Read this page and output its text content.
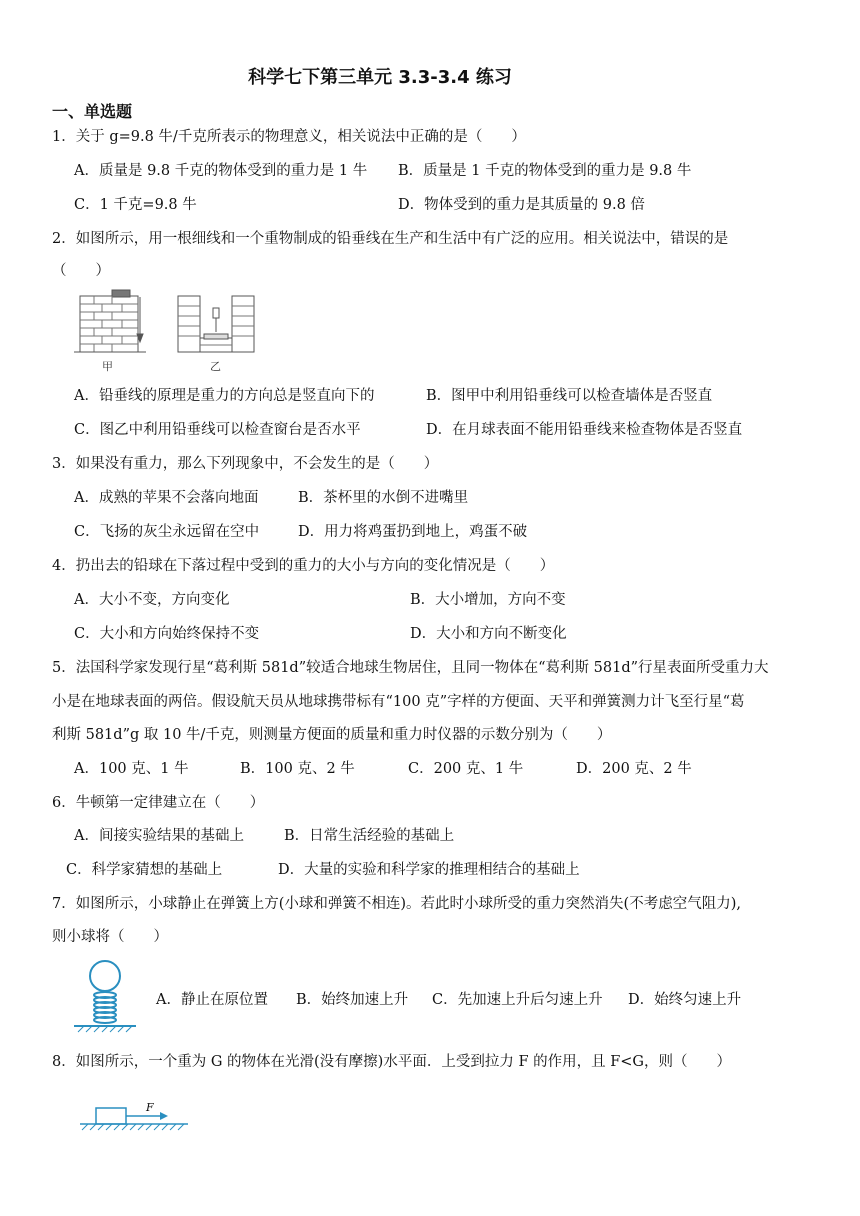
科学七下第三单元 3.3-3.4 练习
一、单选题
1．关于 g=9.8 牛/千克所表示的物理意义，相关说法中正确的是（　　）
A．质量是 9.8 千克的物体受到的重力是 1 牛 B．质量是 1 千克的物体受到的重力是 9.8 牛
C．1 千克=9.8 牛	D．物体受到的重力是其质量的 9.8 倍
2．如图所示，用一根细线和一个重物制成的铅垂线在生产和生活中有广泛的应用。相关说法中，错误的是
（　　）
甲	乙
A．铅垂线的原理是重力的方向总是竖直向下的	B．图甲中利用铅垂线可以检查墙体是否竖直
C．图乙中利用铅垂线可以检查窗台是否水平	D．在月球表面不能用铅垂线来检查物体是否竖直
3．如果没有重力，那么下列现象中，不会发生的是（　　）
A．成熟的苹果不会落向地面	B．茶杯里的水倒不进嘴里
C．飞扬的灰尘永远留在空中	D．用力将鸡蛋扔到地上，鸡蛋不破
4．扔出去的铅球在下落过程中受到的重力的大小与方向的变化情况是（　　）
A．大小不变，方向变化	B．大小增加，方向不变
C．大小和方向始终保持不变	D．大小和方向不断变化
5．法国科学家发现行星“葛利斯 581d”较适合地球生物居住，且同一物体在“葛利斯 581d”行星表面所受重力大
小是在地球表面的两倍。假设航天员从地球携带标有“100 克”字样的方便面、天平和弹簧测力计飞至行星“葛
利斯 581d”g 取 10 牛/千克，则测量方便面的质量和重力时仪器的示数分别为（　　）
A．100 克、1 牛	B．100 克、2 牛	C．200 克、1 牛	D．200 克、2 牛
6．牛顿第一定律建立在（　　）
A．间接实验结果的基础上	B．日常生活经验的基础上
C．科学家猜想的基础上	D．大量的实验和科学家的推理相结合的基础上
7．如图所示，小球静止在弹簧上方(小球和弹簧不相连)。若此时小球所受的重力突然消失(不考虑空气阻力),
则小球将（　　）
A．静止在原位置 B．始终加速上升 C．先加速上升后匀速上升 D．始终匀速上升
8．如图所示，一个重为 G 的物体在光滑(没有摩擦)水平面．上受到拉力 F 的作用，且 F<G，则（　　）
F
